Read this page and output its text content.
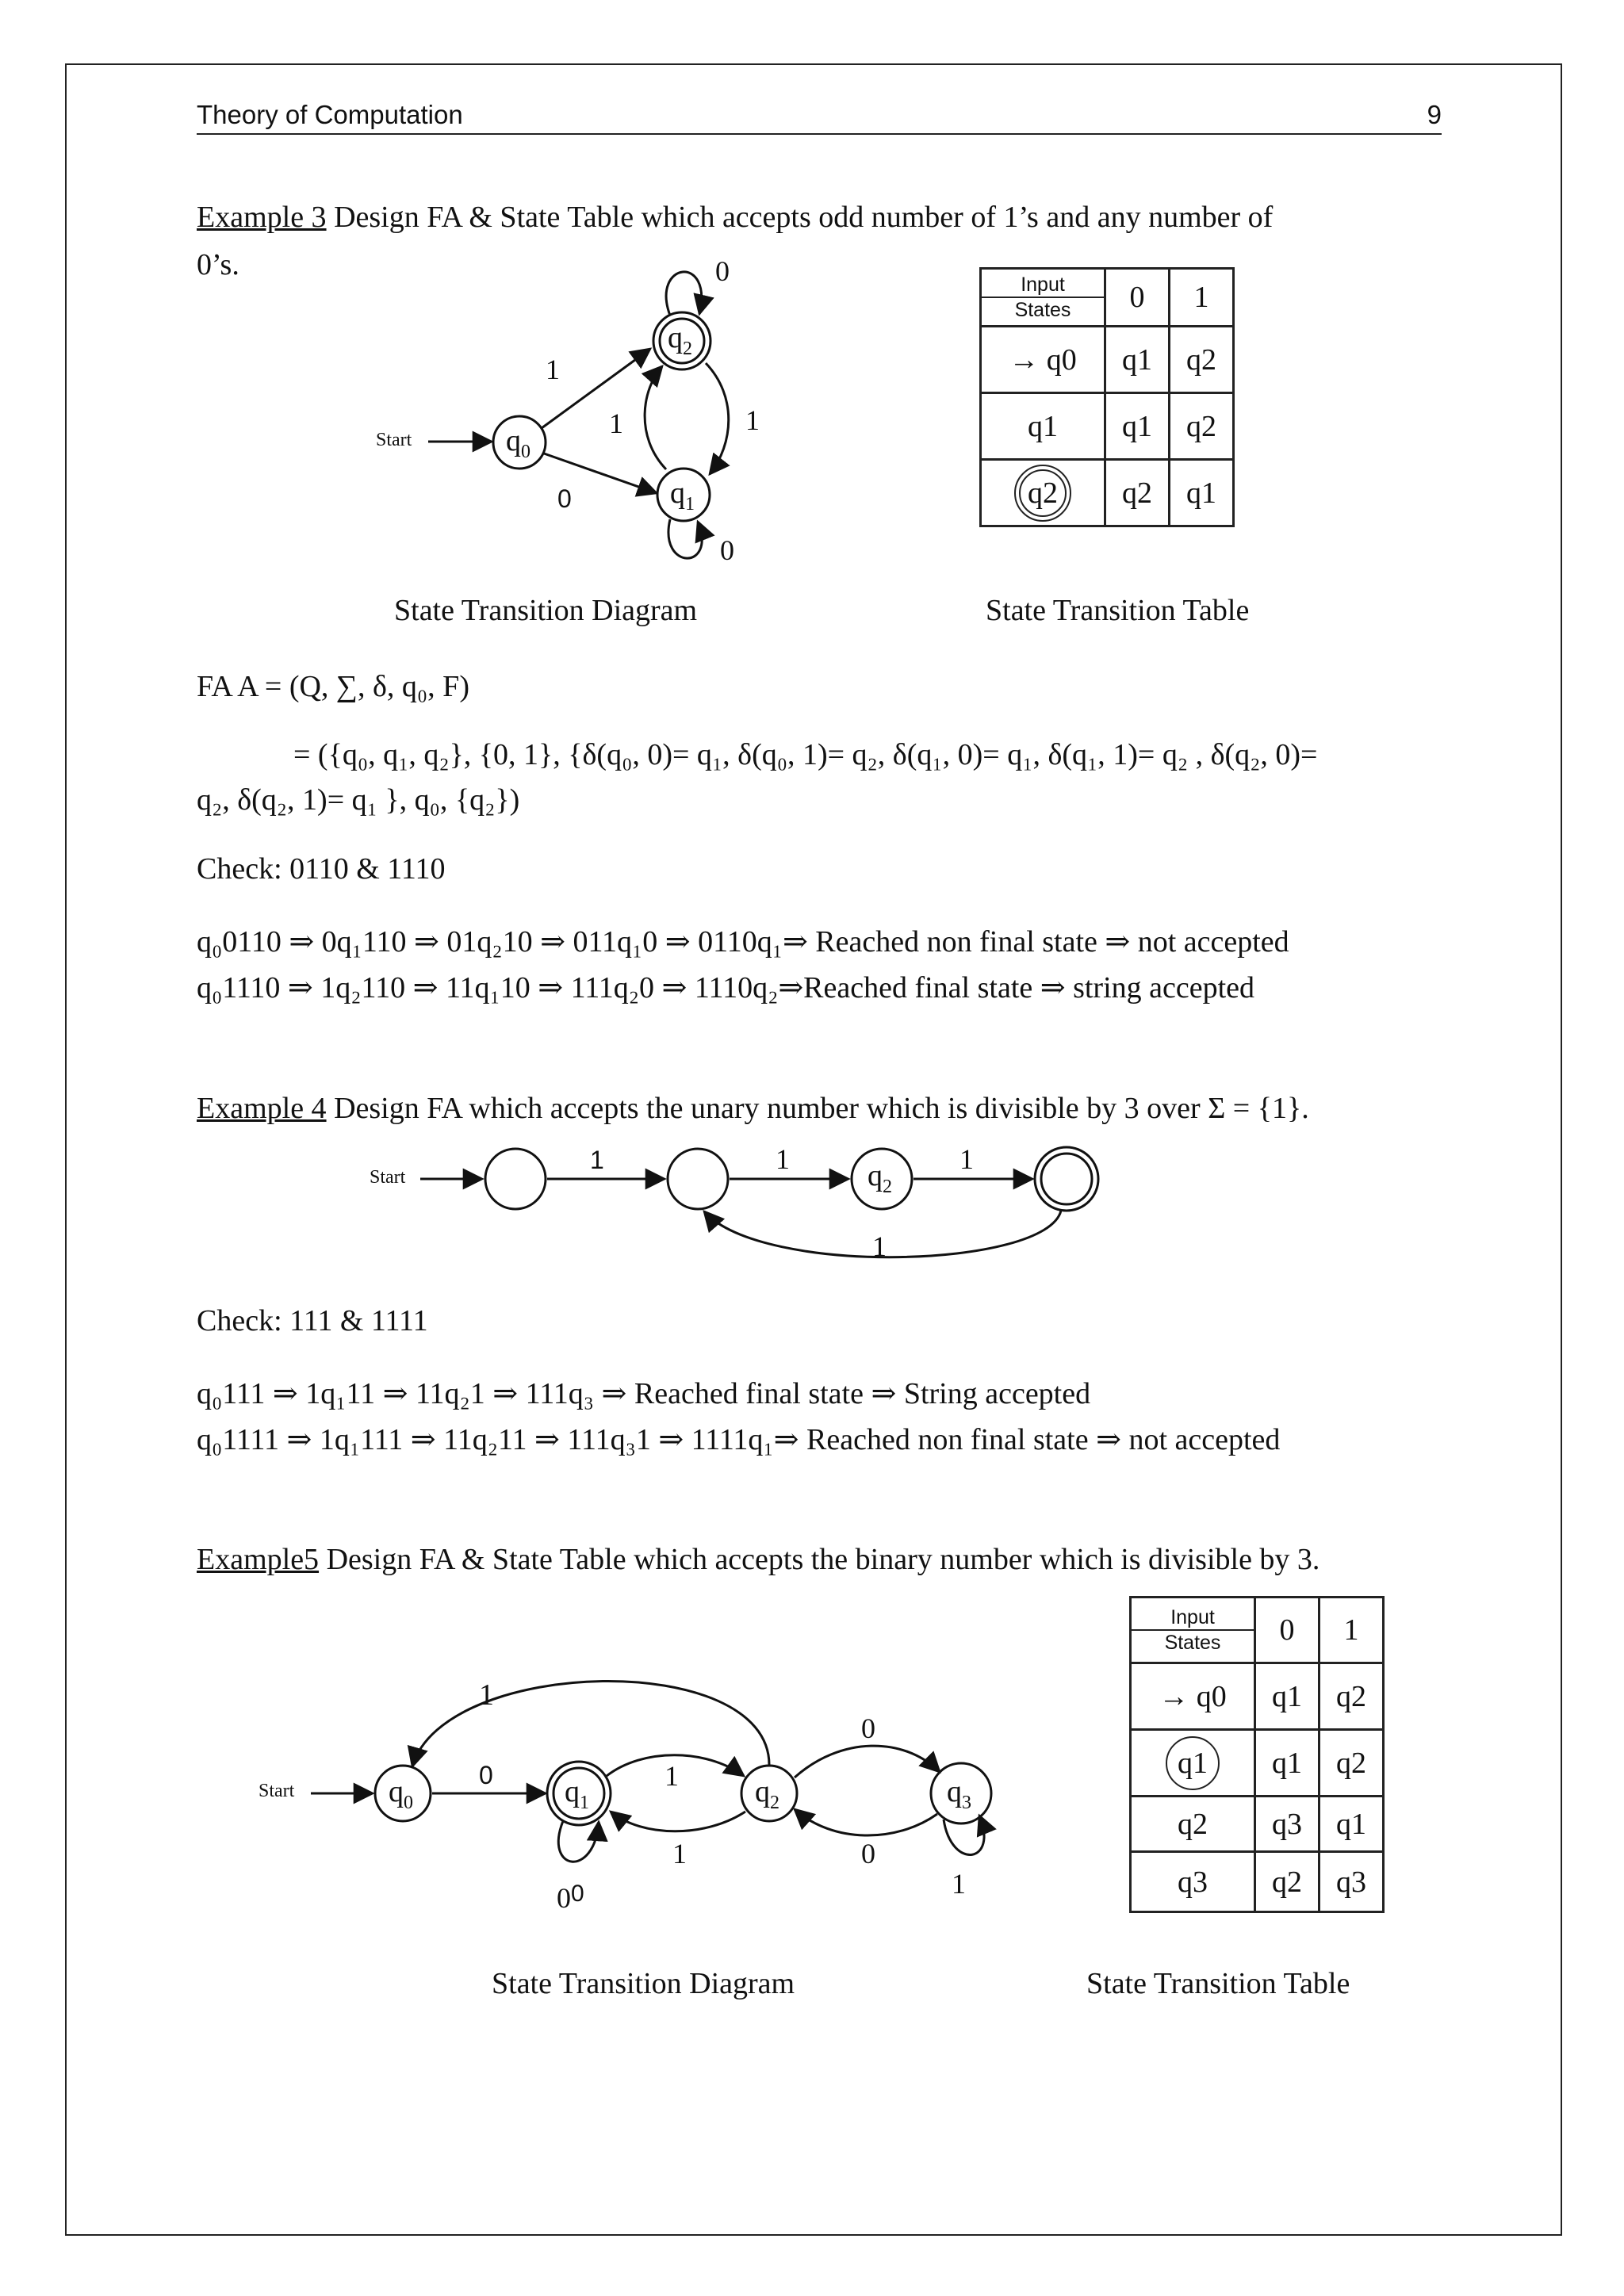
Theory of Computation	9
Example 3 Design FA & State Table which accepts odd number of 1’s and any number of
0’s.
Start	$q_0$
$q_2$
$q_1$
1
0
1	1
0
0
Input
States	0	1
→ q0	q1	q2
q1	q1	q2
q2	q2	q1
State Transition Diagram	State Transition Table
FA A = (Q, ∑, δ, q₀, F)
= ({q₀, q₁, q₂}, {0, 1}, {δ(q₀, 0)= q₁, δ(q₀, 1)= q₂, δ(q₁, 0)= q₁, δ(q₁, 1)= q₂ , δ(q₂, 0)=
q₂, δ(q₂, 1)= q₁ }, q₀, {q₂})
Check: 0110 & 1110
q₀0110 ⇒ 0q₁110 ⇒ 01q₂10 ⇒ 011q₁0 ⇒ 0110q₁⇒ Reached non final state ⇒ not accepted
q₀1110 ⇒ 1q₂110 ⇒ 11q₁10 ⇒ 111q₂0 ⇒ 1110q₂⇒Reached final state ⇒ string accepted
Example 4 Design FA which accepts the unary number which is divisible by 3 over Σ = {1}.
Start	$q_2$
1	1	1
1
Check: 111 & 1111
q₀111 ⇒ 1q₁11 ⇒ 11q₂1 ⇒ 111q₃ ⇒ Reached final state ⇒ String accepted
q₀1111 ⇒ 1q₁111 ⇒ 11q₂11 ⇒ 111q₃1 ⇒ 1111q₁⇒ Reached non final state ⇒ not accepted
Example5 Design FA & State Table which accepts the binary number which is divisible by 3.
Start	$q_0$	$q_1$	$q_2$	$q_3$
0
1
1
1
0
0
0 0	1
Input
States	0	1
→ q0	q1	q2
q1	q1	q2
q2	q3	q1
q3	q2	q3
State Transition Diagram	State Transition Table
